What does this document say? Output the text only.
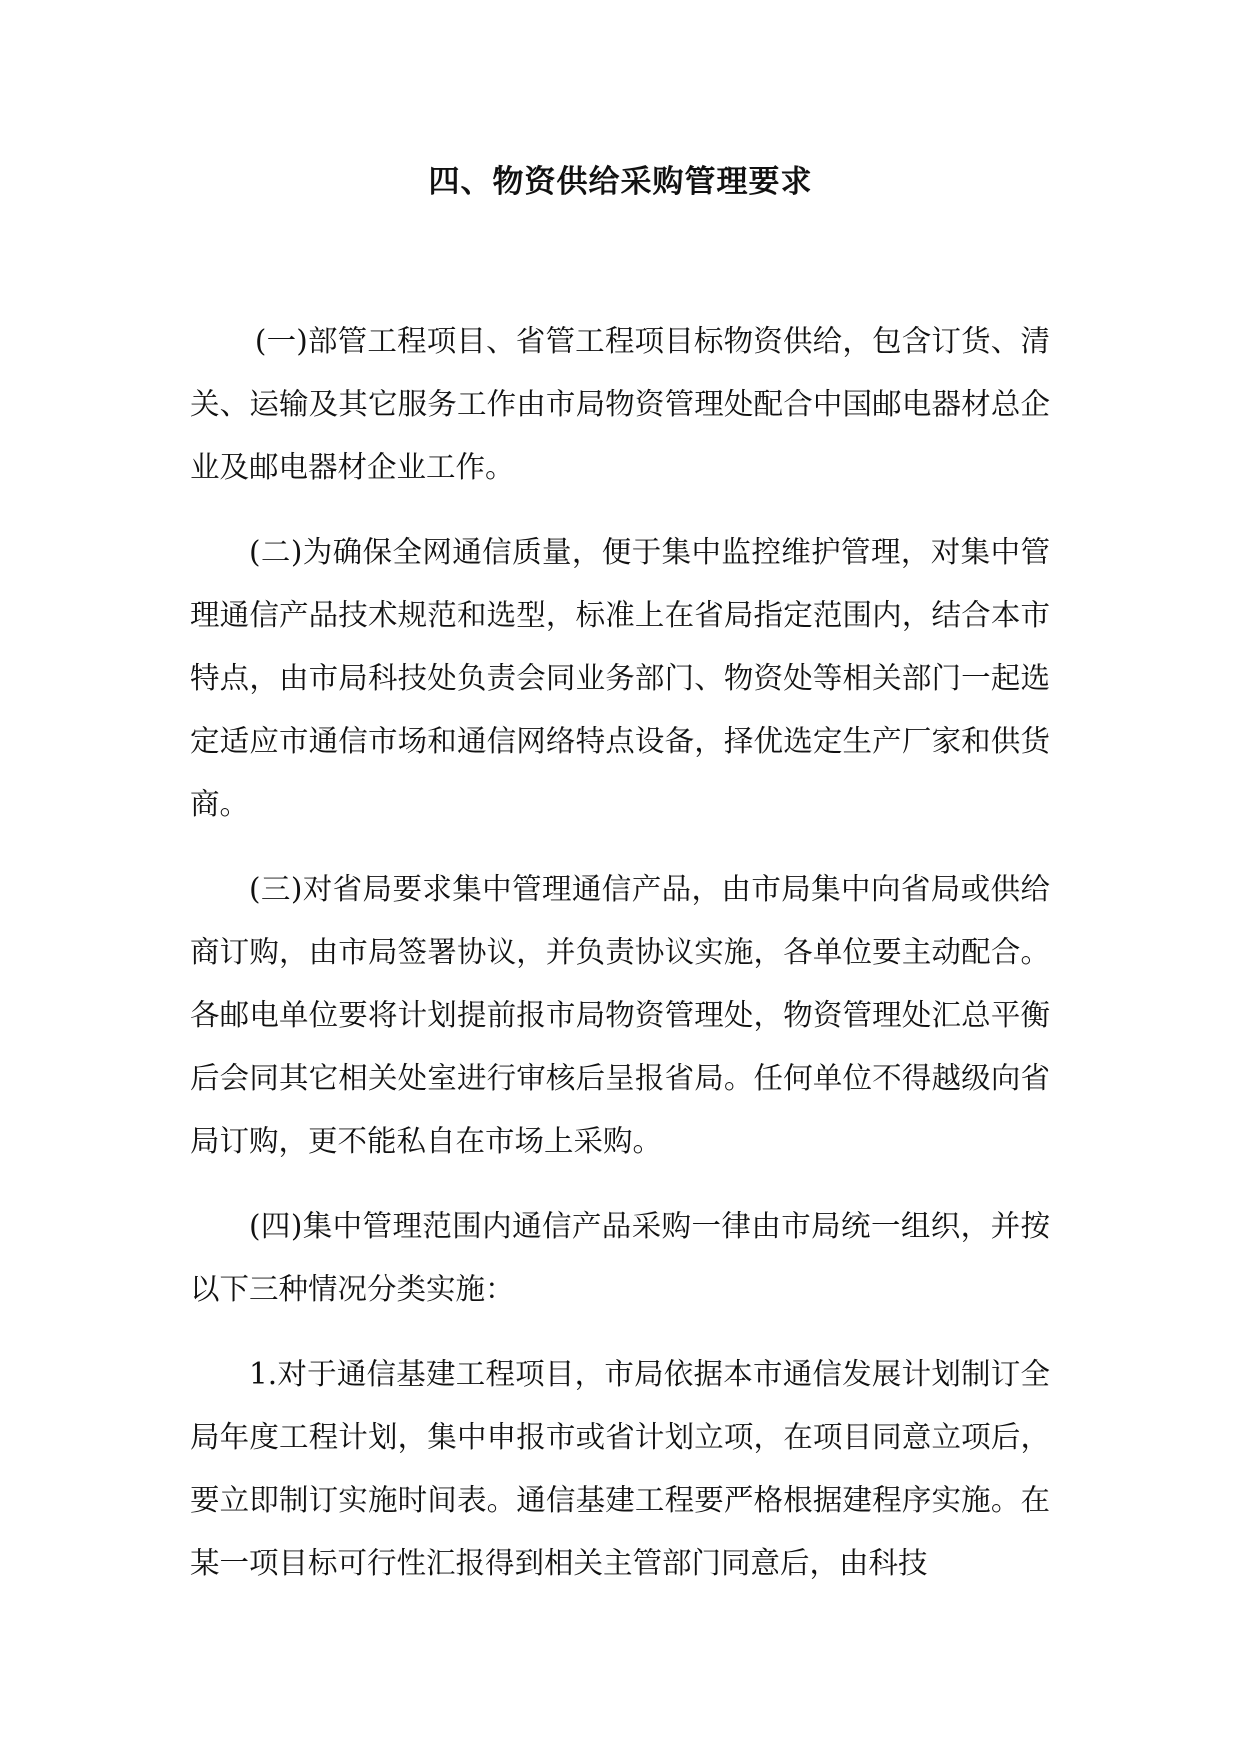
四、物资供给采购管理要求

(一)部管工程项目、省管工程项目标物资供给，包含订货、清关、运输及其它服务工作由市局物资管理处配合中国邮电器材总企业及邮电器材企业工作。

(二)为确保全网通信质量，便于集中监控维护管理，对集中管理通信产品技术规范和选型，标准上在省局指定范围内，结合本市特点，由市局科技处负责会同业务部门、物资处等相关部门一起选定适应市通信市场和通信网络特点设备，择优选定生产厂家和供货商。

(三)对省局要求集中管理通信产品，由市局集中向省局或供给商订购，由市局签署协议，并负责协议实施，各单位要主动配合。各邮电单位要将计划提前报市局物资管理处，物资管理处汇总平衡后会同其它相关处室进行审核后呈报省局。任何单位不得越级向省局订购，更不能私自在市场上采购。

(四)集中管理范围内通信产品采购一律由市局统一组织，并按以下三种情况分类实施：

1.对于通信基建工程项目，市局依据本市通信发展计划制订全局年度工程计划，集中申报市或省计划立项，在项目同意立项后，要立即制订实施时间表。通信基建工程要严格根据建程序实施。在某一项目标可行性汇报得到相关主管部门同意后，由科技
